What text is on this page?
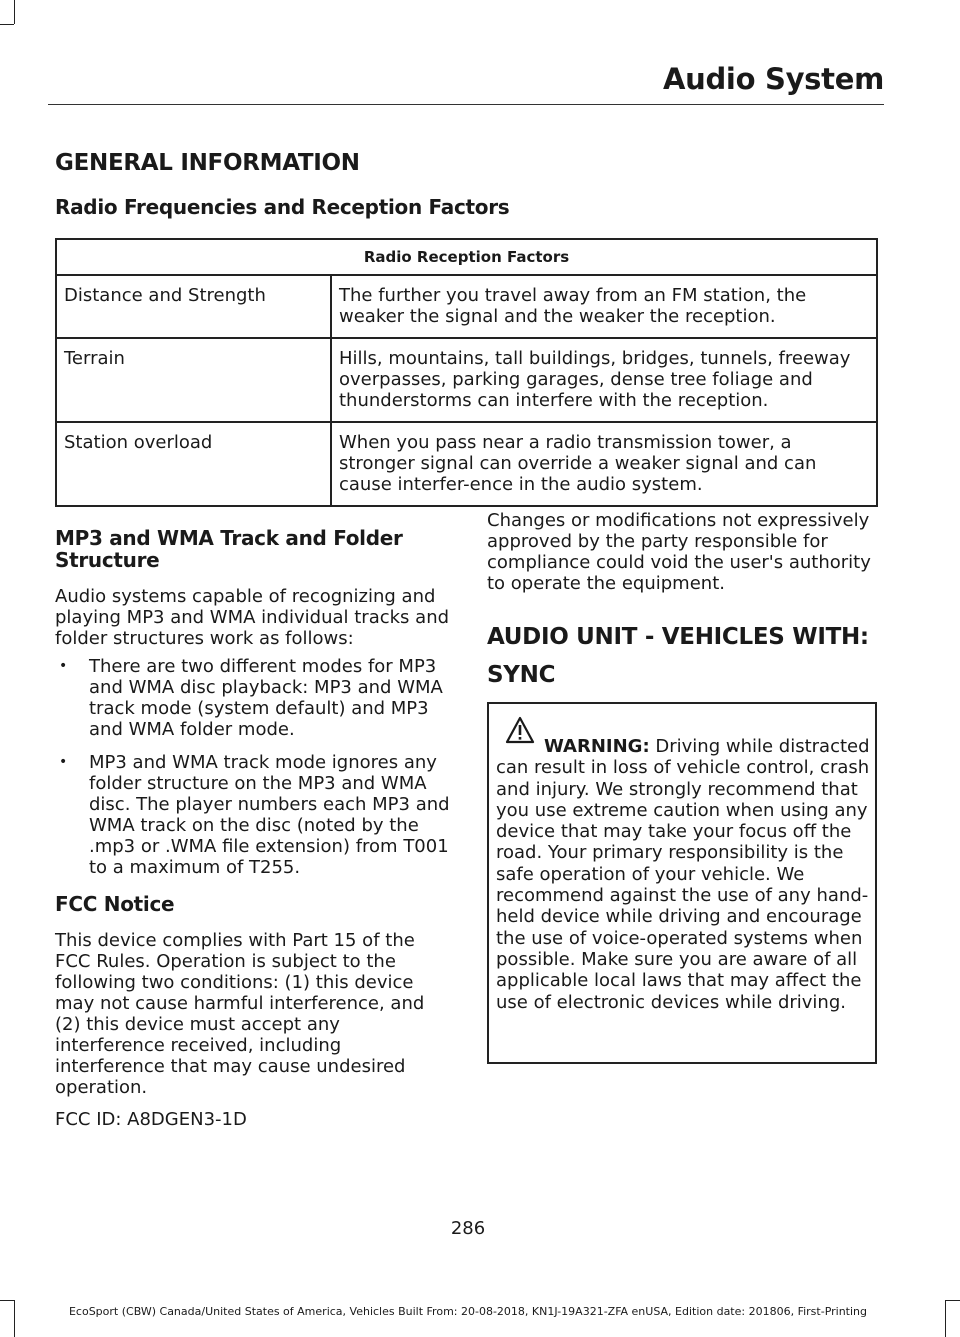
Audio System
GENERAL INFORMATION
Radio Frequencies and Reception Factors
Radio Reception Factors	
Distance and Strength	The further you travel away from an FM station, the weaker the signal and the weaker the reception.
Terrain	Hills, mountains, tall buildings, bridges, tunnels, freeway overpasses, parking garages, dense tree foliage and thunderstorms can interfere with the reception.
Station overload	When you pass near a radio transmission tower, a stronger signal can override a weaker signal and can cause interfer-ence in the audio system.
MP3 and WMA Track and Folder Structure

Audio systems capable of recognizing and playing MP3 and WMA individual tracks and folder structures work as follows:

• There are two different modes for MP3 and WMA disc playback: MP3 and WMA track mode (system default) and MP3 and WMA folder mode.
• MP3 and WMA track mode ignores any folder structure on the MP3 and WMA disc. The player numbers each MP3 and WMA track on the disc (noted by the .mp3 or .WMA file extension) from T001 to a maximum of T255.
FCC Notice

This device complies with Part 15 of the FCC Rules. Operation is subject to the following two conditions: (1) this device may not cause harmful interference, and (2) this device must accept any interference received, including interference that may cause undesired operation.

FCC ID: A8DGEN3-1D

Changes or modifications not expressively approved by the party responsible for compliance could void the user's authority to operate the equipment.

AUDIO UNIT - VEHICLES WITH:
SYNC

WARNING: Driving while distracted can result in loss of vehicle control, crash and injury. We strongly recommend that you use extreme caution when using any device that may take your focus off the road. Your primary responsibility is the safe operation of your vehicle. We recommend against the use of any hand-held device while driving and encourage the use of voice-operated systems when possible. Make sure you are aware of all applicable local laws that may affect the use of electronic devices while driving.

286

EcoSport (CBW) Canada/United States of America, Vehicles Built From: 20-08-2018, KN1J-19A321-ZFA enUSA, Edition date: 201806, First-Printing
